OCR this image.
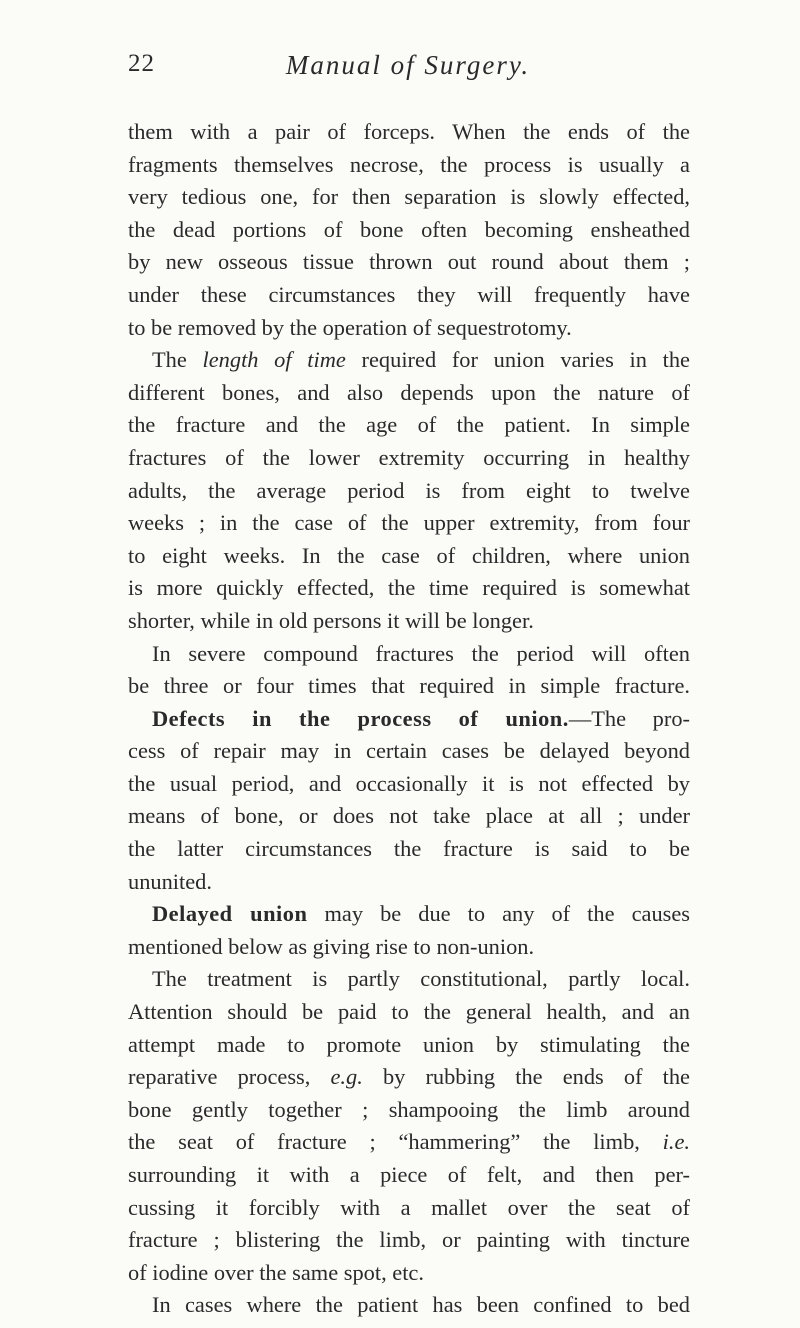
22	Manual of Surgery.
them with a pair of forceps. When the ends of the
fragments themselves necrose, the process is usually a
very tedious one, for then separation is slowly effected,
the dead portions of bone often becoming ensheathed
by new osseous tissue thrown out round about them ;
under these circumstances they will frequently have
to be removed by the operation of sequestrotomy.
The length of time required for union varies in the
different bones, and also depends upon the nature of
the fracture and the age of the patient. In simple
fractures of the lower extremity occurring in healthy
adults, the average period is from eight to twelve
weeks ; in the case of the upper extremity, from four
to eight weeks. In the case of children, where union
is more quickly effected, the time required is somewhat
shorter, while in old persons it will be longer.
In severe compound fractures the period will often
be three or four times that required in simple fracture.
Defects in the process of union.—The pro-
cess of repair may in certain cases be delayed beyond
the usual period, and occasionally it is not effected by
means of bone, or does not take place at all ; under
the latter circumstances the fracture is said to be
ununited.
Delayed union may be due to any of the causes
mentioned below as giving rise to non-union.
The treatment is partly constitutional, partly local.
Attention should be paid to the general health, and an
attempt made to promote union by stimulating the
reparative process, e.g. by rubbing the ends of the
bone gently together ; shampooing the limb around
the seat of fracture ; “hammering” the limb, i.e.
surrounding it with a piece of felt, and then per-
cussing it forcibly with a mallet over the seat of
fracture ; blistering the limb, or painting with tincture
of iodine over the same spot, etc.
In cases where the patient has been confined to bed
